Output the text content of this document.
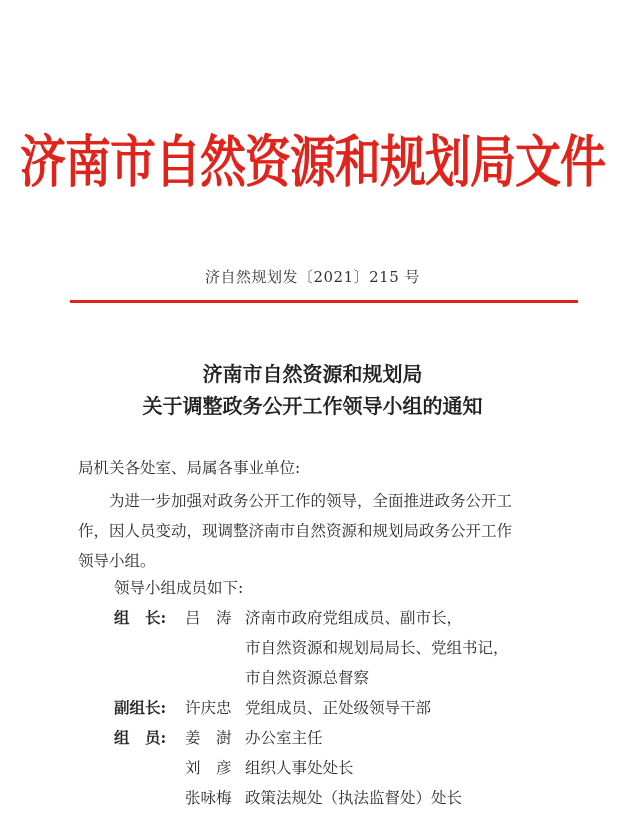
济南市自然资源和规划局文件
济自然规划发〔2021〕215 号
济南市自然资源和规划局
关于调整政务公开工作领导小组的通知
局机关各处室、局属各事业单位:
为进一步加强对政务公开工作的领导，全面推进政务公开工
作，因人员变动，现调整济南市自然资源和规划局政务公开工作
领导小组。
领导小组成员如下:
组　长: 吕　涛 济南市政府党组成员、副市长，
市自然资源和规划局局长、党组书记，
市自然资源总督察
副组长: 许庆忠 党组成员、正处级领导干部
组　员: 姜　澍 办公室主任
刘　彦 组织人事处处长
张咏梅 政策法规处（执法监督处）处长
